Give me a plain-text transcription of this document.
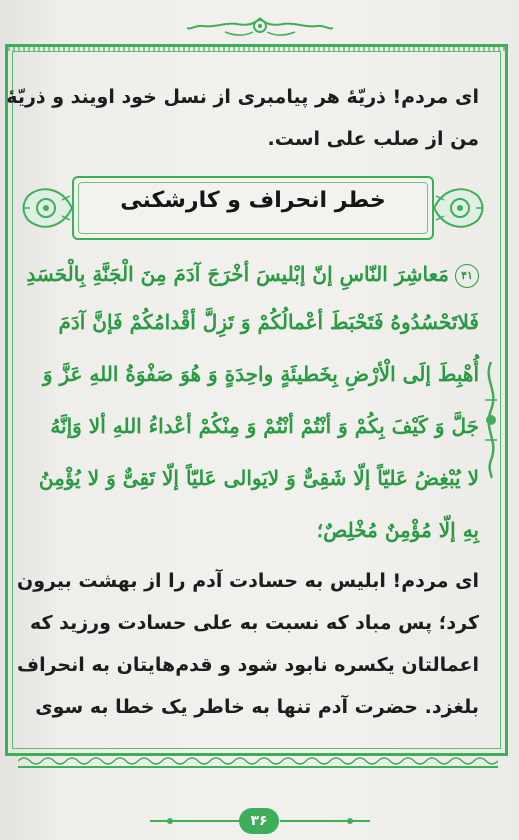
ای مردم! ذریّهٔ هر پیامبری از نسل خود اویند و ذریّهٔ
من از صلب علی است.
خطر انحراف و کارشکنی
۴۱مَعاشِرَ النّاسِ إنّ إبْلیسَ أخْرَجَ آدَمَ مِنَ الْجَنَّةِ بِالْحَسَدِ
فَلاتَحْسُدُوهُ فَتَحْبَطَ أعْمالُکُمْ وَ تَزِلَّ أقْدامُکُمْ فَإنَّ آدَمَ
أُهْبِطَ إلَی الْأرْضِ بِخَطیئَةٍ واحِدَةٍ وَ هُوَ صَفْوَةُ اللهِ عَزَّ وَ
جَلَّ وَ کَیْفَ بِکُمْ وَ أنْتُمْ أنْتُمْ وَ مِنْکُمْ أعْداءُ اللهِ ألا وَإنَّهُ
لا یُبْغِضُ عَلیّاً إلّا شَقِیٌّ وَ لایَوالی عَلیّاً إلّا تَقِیٌّ وَ لا یُؤْمِنُ
بِهِ إلّا مُؤْمِنٌ مُخْلِصٌ؛
ای مردم! ابلیس به حسادت آدم را از بهشت بیرون
کرد؛ پس مباد که نسبت به علی حسادت ورزید که
اعمالتان یکسره نابود شود و قدم‌هایتان به انحراف
بلغزد. حضرت آدم تنها به خاطر یک خطا به سوی
۳۶
